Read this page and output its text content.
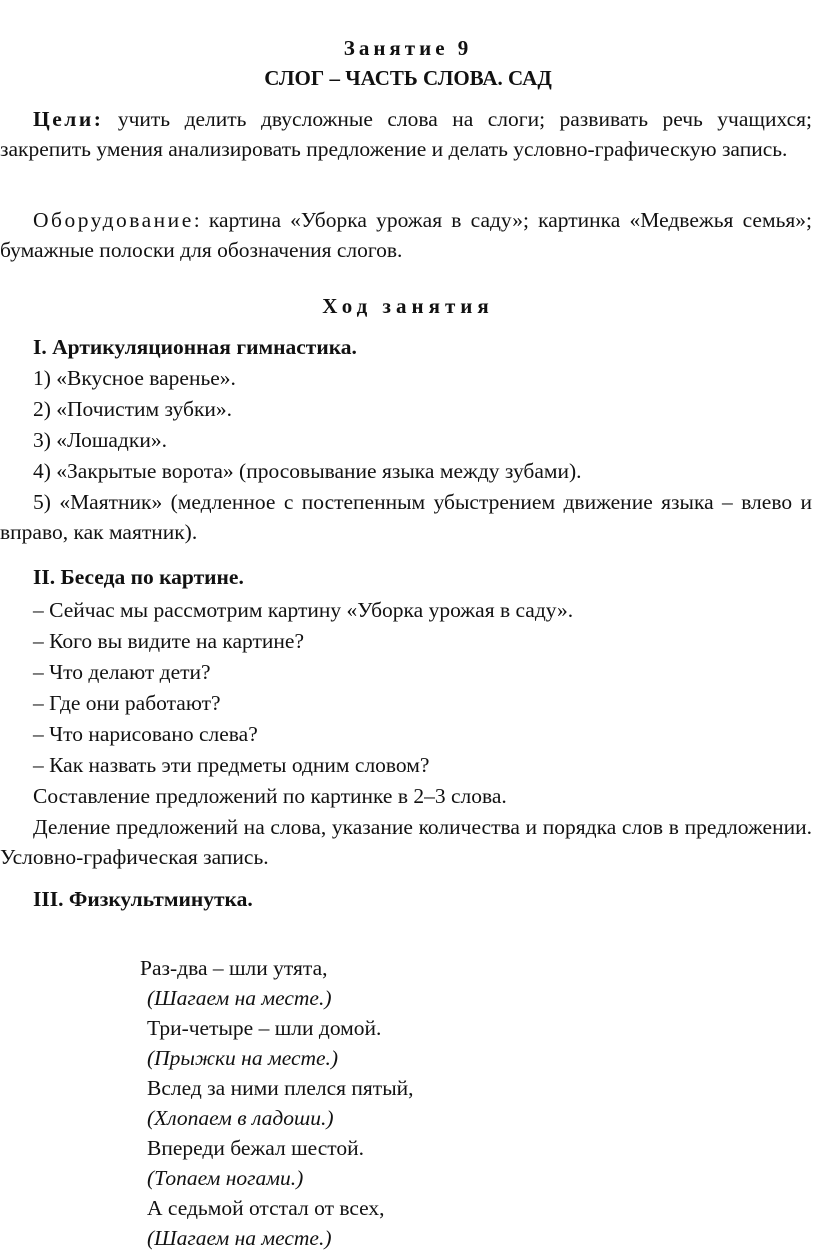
Занятие 9
СЛОГ – ЧАСТЬ СЛОВА. САД

Цели: учить делить двусложные слова на слоги; развивать речь учащихся; закрепить умения анализировать предложение и делать условно-графическую запись.

Оборудование: картина «Уборка урожая в саду»; картинка «Медвежья семья»; бумажные полоски для обозначения слогов.

Ход занятия

I. Артикуляционная гимнастика.

1) «Вкусное варенье».

2) «Почистим зубки».

3) «Лошадки».

4) «Закрытые ворота» (просовывание языка между зубами).

5) «Маятник» (медленное с постепенным убыстрением движение языка – влево и вправо, как маятник).

II. Беседа по картине.

– Сейчас мы рассмотрим картину «Уборка урожая в саду».

– Кого вы видите на картине?

– Что делают дети?

– Где они работают?

– Что нарисовано слева?

– Как назвать эти предметы одним словом?

Составление предложений по картинке в 2–3 слова.

Деление предложений на слова, указание количества и порядка слов в предложении. Условно-графическая запись.

III. Физкультминутка.

Раз-два – шли утята,

(Шагаем на месте.)

Три-четыре – шли домой.

(Прыжки на месте.)

Вслед за ними плелся пятый,

(Хлопаем в ладоши.)

Впереди бежал шестой.

(Топаем ногами.)

А седьмой отстал от всех,

(Шагаем на месте.)
